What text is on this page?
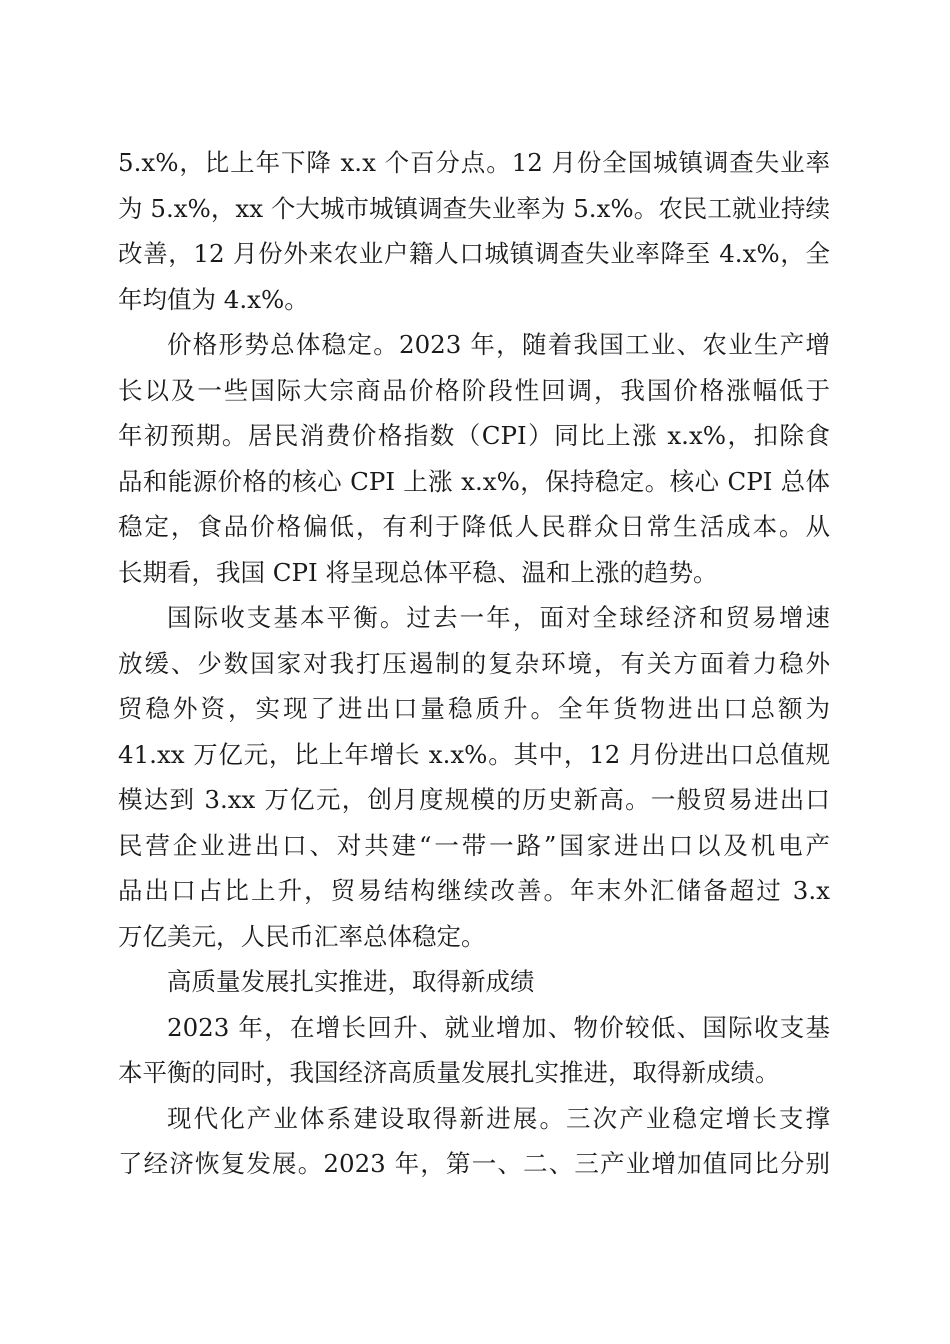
5.x%，比上年下降 x.x 个百分点。12 月份全国城镇调查失业率
为 5.x%，xx 个大城市城镇调查失业率为 5.x%。农民工就业持续
改善，12 月份外来农业户籍人口城镇调查失业率降至 4.x%，全
年均值为 4.x%。

价格形势总体稳定。2023 年，随着我国工业、农业生产增
长以及一些国际大宗商品价格阶段性回调，我国价格涨幅低于
年初预期。居民消费价格指数（CPI）同比上涨 x.x%，扣除食
品和能源价格的核心 CPI 上涨 x.x%，保持稳定。核心 CPI 总体
稳定，食品价格偏低，有利于降低人民群众日常生活成本。从
长期看，我国 CPI 将呈现总体平稳、温和上涨的趋势。

国际收支基本平衡。过去一年，面对全球经济和贸易增速
放缓、少数国家对我打压遏制的复杂环境，有关方面着力稳外
贸稳外资，实现了进出口量稳质升。全年货物进出口总额为
41.xx 万亿元，比上年增长 x.x%。其中，12 月份进出口总值规
模达到 3.xx 万亿元，创月度规模的历史新高。一般贸易进出口
民营企业进出口、对共建“一带一路”国家进出口以及机电产
品出口占比上升，贸易结构继续改善。年末外汇储备超过 3.x
万亿美元，人民币汇率总体稳定。

高质量发展扎实推进，取得新成绩

2023 年，在增长回升、就业增加、物价较低、国际收支基
本平衡的同时，我国经济高质量发展扎实推进，取得新成绩。

现代化产业体系建设取得新进展。三次产业稳定增长支撑
了经济恢复发展。2023 年，第一、二、三产业增加值同比分别
